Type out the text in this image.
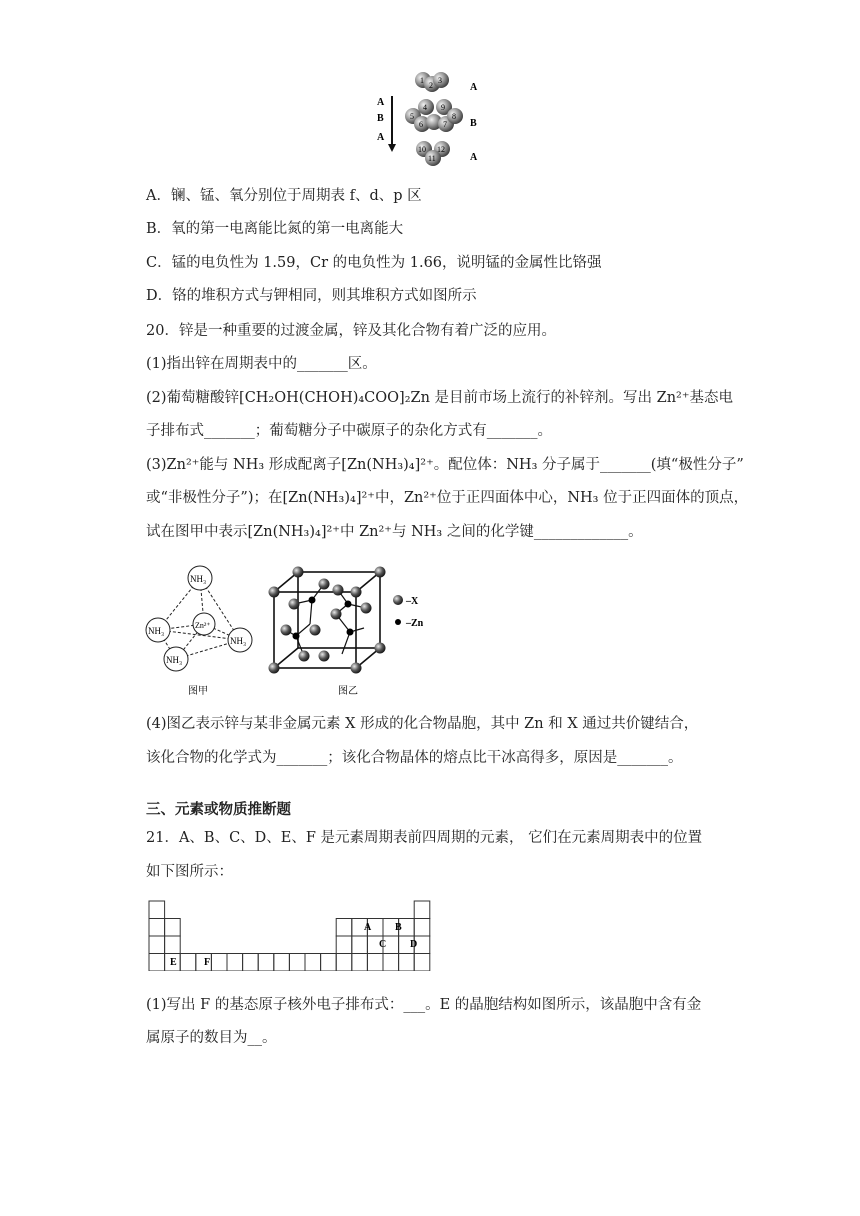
A
B
A
1
2
3
4 9
5
6	7
8
10 12
11
A
B
A
A．镧、锰、氧分别位于周期表 f、d、p 区
B．氧的第一电离能比氮的第一电离能大
C．锰的电负性为 1.59，Cr 的电负性为 1.66，说明锰的金属性比铬强
D．铬的堆积方式与钾相同，则其堆积方式如图所示
20．锌是一种重要的过渡金属，锌及其化合物有着广泛的应用。
(1)指出锌在周期表中的_______区。
(2)葡萄糖酸锌[CH₂OH(CHOH)₄COO]₂Zn 是目前市场上流行的补锌剂。写出 Zn²⁺基态电
子排布式_______；葡萄糖分子中碳原子的杂化方式有_______。
(3)Zn²⁺能与 NH₃ 形成配离子[Zn(NH₃)₄]²⁺。配位体：NH₃ 分子属于_______(填“极性分子”
或“非极性分子”)；在[Zn(NH₃)₄]²⁺中，Zn²⁺位于正四面体中心，NH₃ 位于正四面体的顶点，
试在图甲中表示[Zn(NH₃)₄]²⁺中 Zn²⁺与 NH₃ 之间的化学键_____________。
NH₃
NH₃
NH₃
NH₃
Zn²⁺
图甲
–X
–Zn
图乙
(4)图乙表示锌与某非金属元素 X 形成的化合物晶胞，其中 Zn 和 X 通过共价键结合，
该化合物的化学式为_______；该化合物晶体的熔点比干冰高得多，原因是_______。
三、元素或物质推断题
21．A、B、C、D、E、F 是元素周期表前四周期的元素， 它们在元素周期表中的位置
如下图所示：
A B
C D
E	F
(1)写出 F 的基态原子核外电子排布式：___。E 的晶胞结构如图所示，该晶胞中含有金
属原子的数目为__。
